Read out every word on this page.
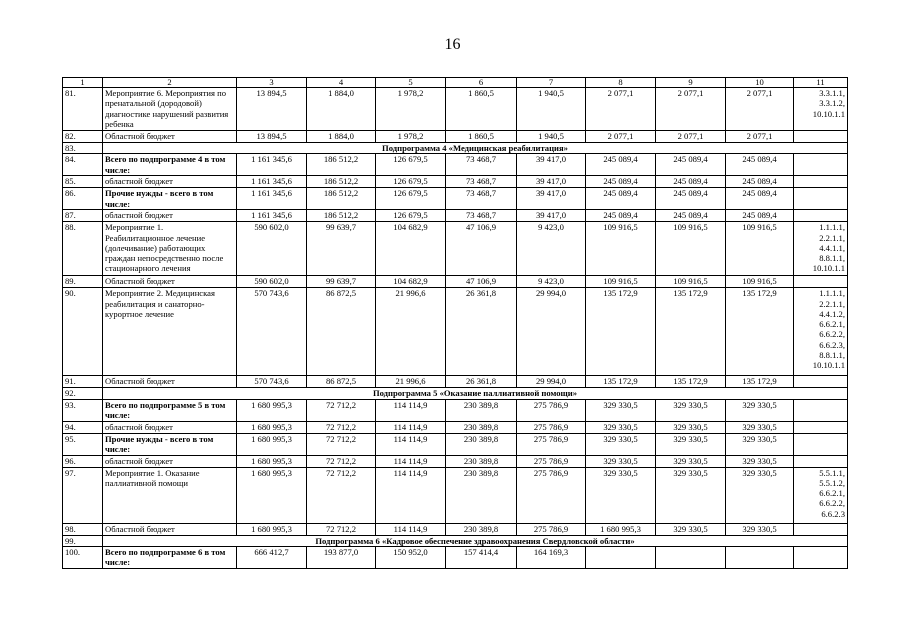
16
1	2	3	4	5	6	7	8	9	10	11
81.	Мероприятие 6. Мероприятия по пренатальной (дородовой) диагностике нарушений развития ребенка	13 894,5	1 884,0	1 978,2	1 860,5	1 940,5	2 077,1	2 077,1	2 077,1	3.3.1.1, 3.3.1.2, 10.10.1.1
82.	Областной бюджет	13 894,5	1 884,0	1 978,2	1 860,5	1 940,5	2 077,1	2 077,1	2 077,1	
83.	Подпрограмма 4 «Медицинская реабилитация»									
84.	Всего по подпрограмме 4 в том числе:	1 161 345,6	186 512,2	126 679,5	73 468,7	39 417,0	245 089,4	245 089,4	245 089,4	
85.	областной бюджет	1 161 345,6	186 512,2	126 679,5	73 468,7	39 417,0	245 089,4	245 089,4	245 089,4	
86.	Прочие нужды - всего в том числе:	1 161 345,6	186 512,2	126 679,5	73 468,7	39 417,0	245 089,4	245 089,4	245 089,4	
87.	областной бюджет	1 161 345,6	186 512,2	126 679,5	73 468,7	39 417,0	245 089,4	245 089,4	245 089,4	
88.	Мероприятие 1. Реабилитационное лечение (долечивание) работающих граждан непосредственно после стационарного лечения	590 602,0	99 639,7	104 682,9	47 106,9	9 423,0	109 916,5	109 916,5	109 916,5	1.1.1.1, 2.2.1.1, 4.4.1.1, 8.8.1.1, 10.10.1.1
89.	Областной бюджет	590 602,0	99 639,7	104 682,9	47 106,9	9 423,0	109 916,5	109 916,5	109 916,5	
90.	Мероприятие 2. Медицинская реабилитация и санаторно-курортное лечение	570 743,6	86 872,5	21 996,6	26 361,8	29 994,0	135 172,9	135 172,9	135 172,9	1.1.1.1, 2.2.1.1, 4.4.1.2, 6.6.2.1, 6.6.2.2, 6.6.2.3, 8.8.1.1, 10.10.1.1
91.	Областной бюджет	570 743,6	86 872,5	21 996,6	26 361,8	29 994,0	135 172,9	135 172,9	135 172,9	
92.	Подпрограмма 5 «Оказание паллиативной помощи»									
93.	Всего по подпрограмме 5 в том числе:	1 680 995,3	72 712,2	114 114,9	230 389,8	275 786,9	329 330,5	329 330,5	329 330,5	
94.	областной бюджет	1 680 995,3	72 712,2	114 114,9	230 389,8	275 786,9	329 330,5	329 330,5	329 330,5	
95.	Прочие нужды - всего в том числе:	1 680 995,3	72 712,2	114 114,9	230 389,8	275 786,9	329 330,5	329 330,5	329 330,5	
96.	областной бюджет	1 680 995,3	72 712,2	114 114,9	230 389,8	275 786,9	329 330,5	329 330,5	329 330,5	
97.	Мероприятие 1. Оказание паллиативной помощи	1 680 995,3	72 712,2	114 114,9	230 389,8	275 786,9	329 330,5	329 330,5	329 330,5	5.5.1.1, 5.5.1.2, 6.6.2.1, 6.6.2.2, 6.6.2.3
98.	Областной бюджет	1 680 995,3	72 712,2	114 114,9	230 389,8	275 786,9	1 680 995,3	329 330,5	329 330,5	
99.	Подпрограмма 6 «Кадровое обеспечение здравоохранения Свердловской области»									
100.	Всего по подпрограмме 6 в том числе:	666 412,7	193 877,0	150 952,0	157 414,4	164 169,3				
